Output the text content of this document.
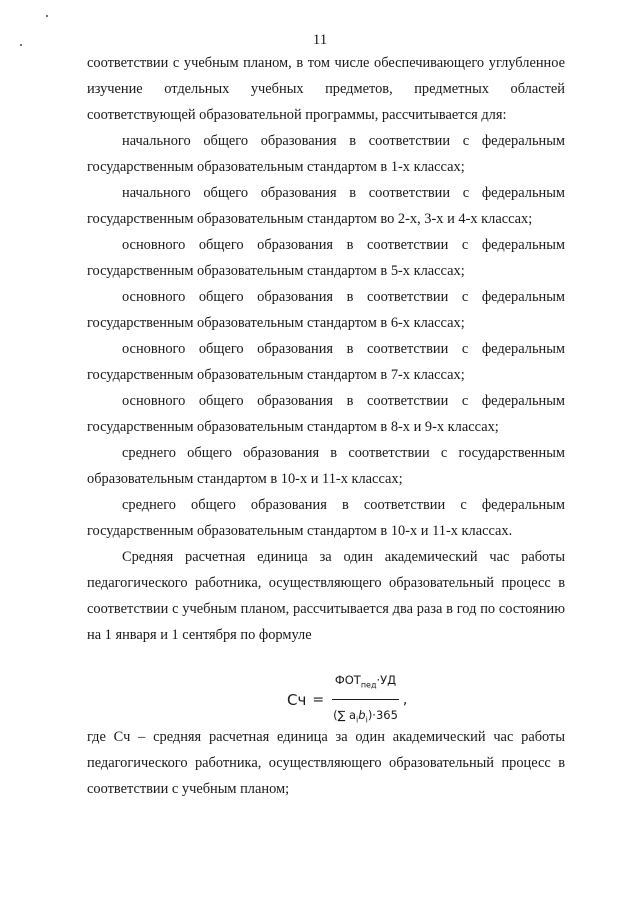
11

соответствии с учебным планом, в том числе обеспечивающего углубленное изучение отдельных учебных предметов, предметных областей соответствующей образовательной программы, рассчитывается для:

начального общего образования в соответствии с федеральным государственным образовательным стандартом в 1-х классах;

начального общего образования в соответствии с федеральным государственным образовательным стандартом во 2-х, 3-х и 4-х классах;

основного общего образования в соответствии с федеральным государственным образовательным стандартом в 5-х классах;

основного общего образования в соответствии с федеральным государственным образовательным стандартом в 6-х классах;

основного общего образования в соответствии с федеральным государственным образовательным стандартом в 7-х классах;

основного общего образования в соответствии с федеральным государственным образовательным стандартом в 8-х и 9-х классах;

среднего общего образования в соответствии с государственным образовательным стандартом в 10-х и 11-х классах;

среднего общего образования в соответствии с федеральным государственным образовательным стандартом в 10-х и 11-х классах.

Средняя расчетная единица за один академический час работы педагогического работника, осуществляющего образовательный процесс в соответствии с учебным планом, рассчитывается два раза в год по состоянию на 1 января и 1 сентября по формуле

Сч = $\frac{ФОТ_{пед}\cdot УД}{(\sum a_ib_i)\cdot 365}$ ,

где Сч – средняя расчетная единица за один академический час работы педагогического работника, осуществляющего образовательный процесс в соответствии с учебным планом;
